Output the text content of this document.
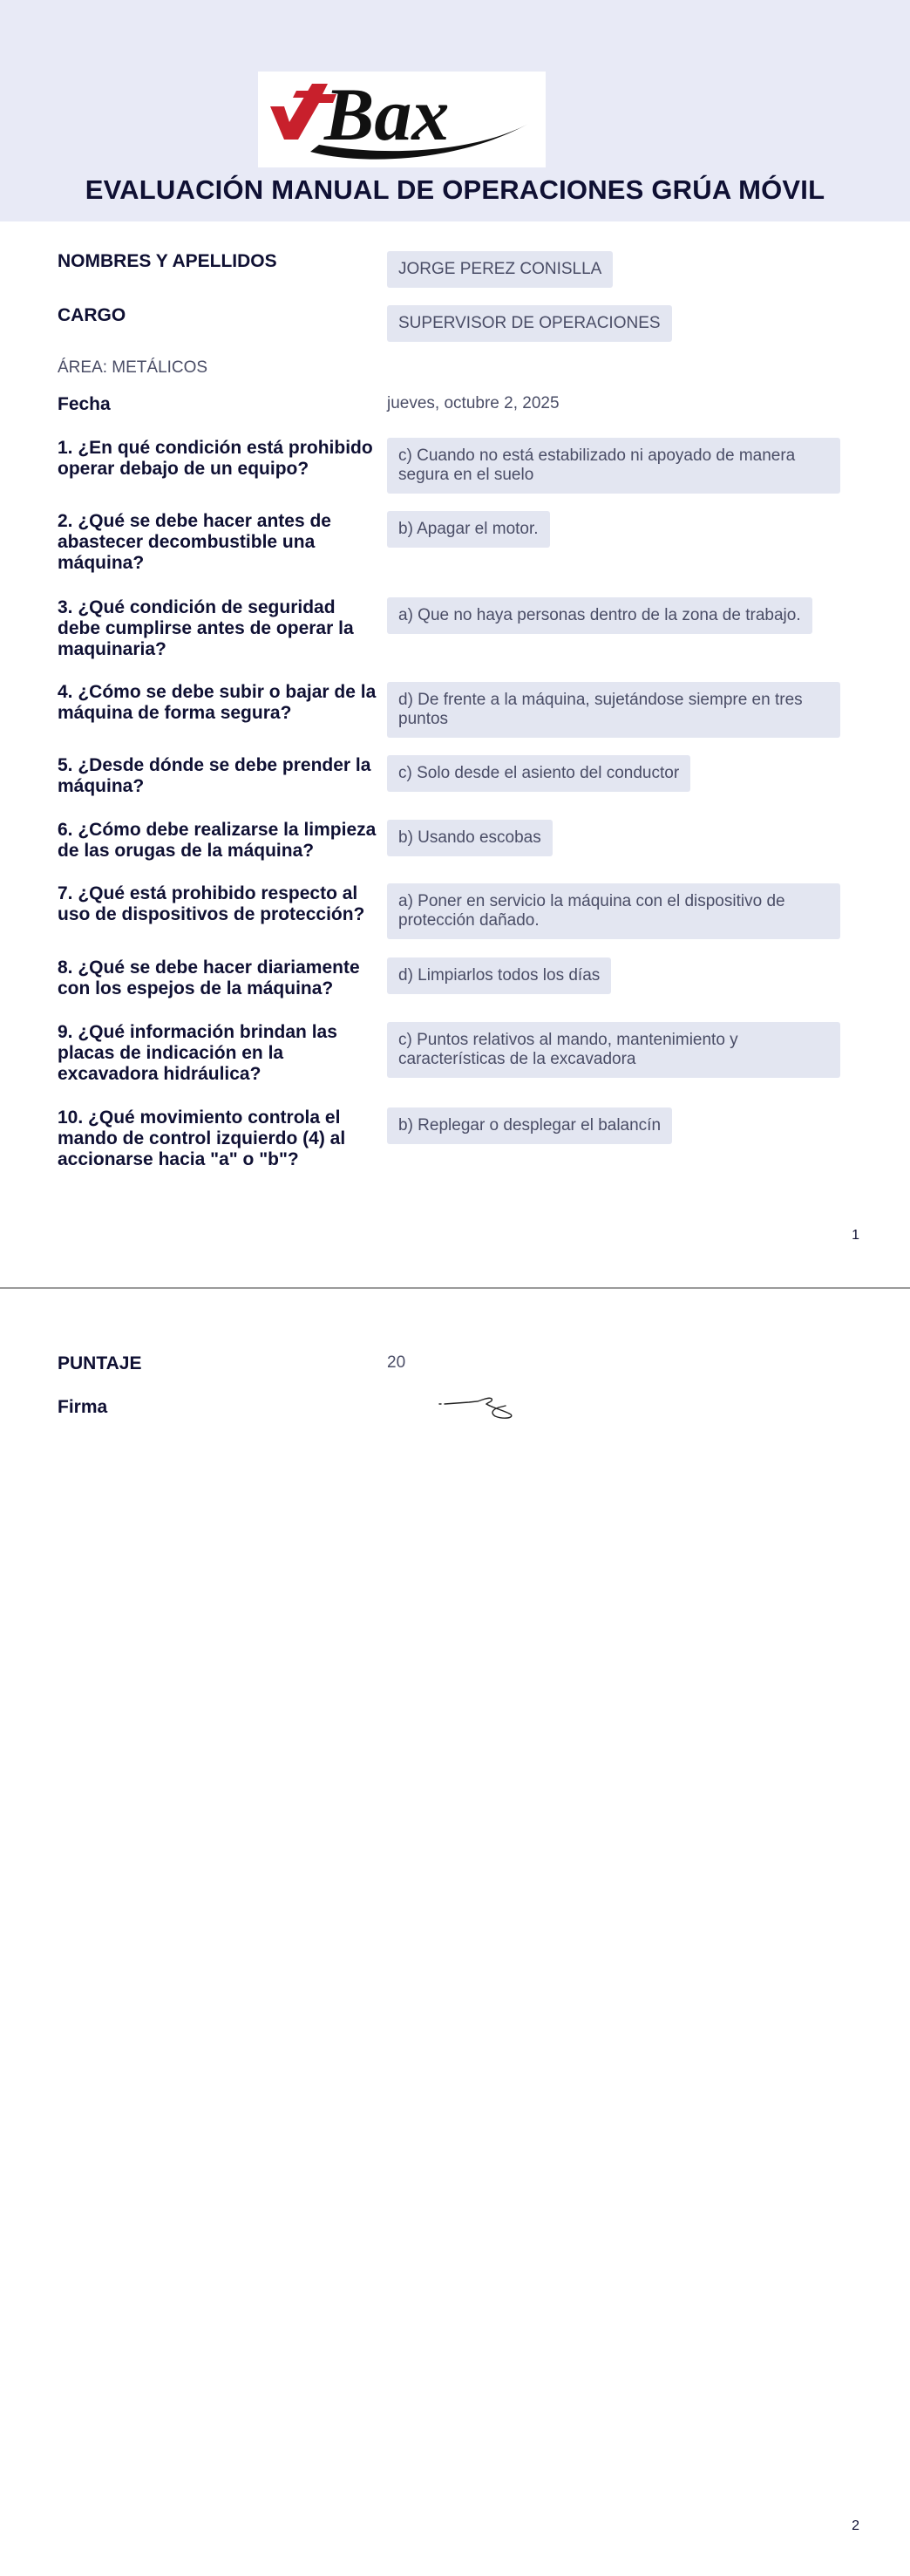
Bax
EVALUACIÓN MANUAL DE OPERACIONES GRÚA MÓVIL
NOMBRES Y APELLIDOS	JORGE PEREZ CONISLLA
CARGO	SUPERVISOR DE OPERACIONES
ÁREA: METÁLICOS
Fecha	jueves, octubre 2, 2025
1. ¿En qué condición está prohibido operar debajo de un equipo?
c) Cuando no está estabilizado ni apoyado de manera segura en el suelo
2. ¿Qué se debe hacer antes de abastecer decombustible una máquina?
b) Apagar el motor.
3. ¿Qué condición de seguridad debe cumplirse antes de operar la maquinaria?
a) Que no haya personas dentro de la zona de trabajo.
4. ¿Cómo se debe subir o bajar de la máquina de forma segura?
d) De frente a la máquina, sujetándose siempre en tres puntos
5. ¿Desde dónde se debe prender la máquina?
c) Solo desde el asiento del conductor
6. ¿Cómo debe realizarse la limpieza de las orugas de la máquina?
b) Usando escobas
7. ¿Qué está prohibido respecto al uso de dispositivos de protección?
a) Poner en servicio la máquina con el dispositivo de protección dañado.
8. ¿Qué se debe hacer diariamente con los espejos de la máquina?
d) Limpiarlos todos los días
9. ¿Qué información brindan las placas de indicación en la excavadora hidráulica?
c) Puntos relativos al mando, mantenimiento y características de la excavadora
10. ¿Qué movimiento controla el mando de control izquierdo (4) al accionarse hacia "a" o "b"?
b) Replegar o desplegar el balancín
1
PUNTAJE	20
Firma
2
